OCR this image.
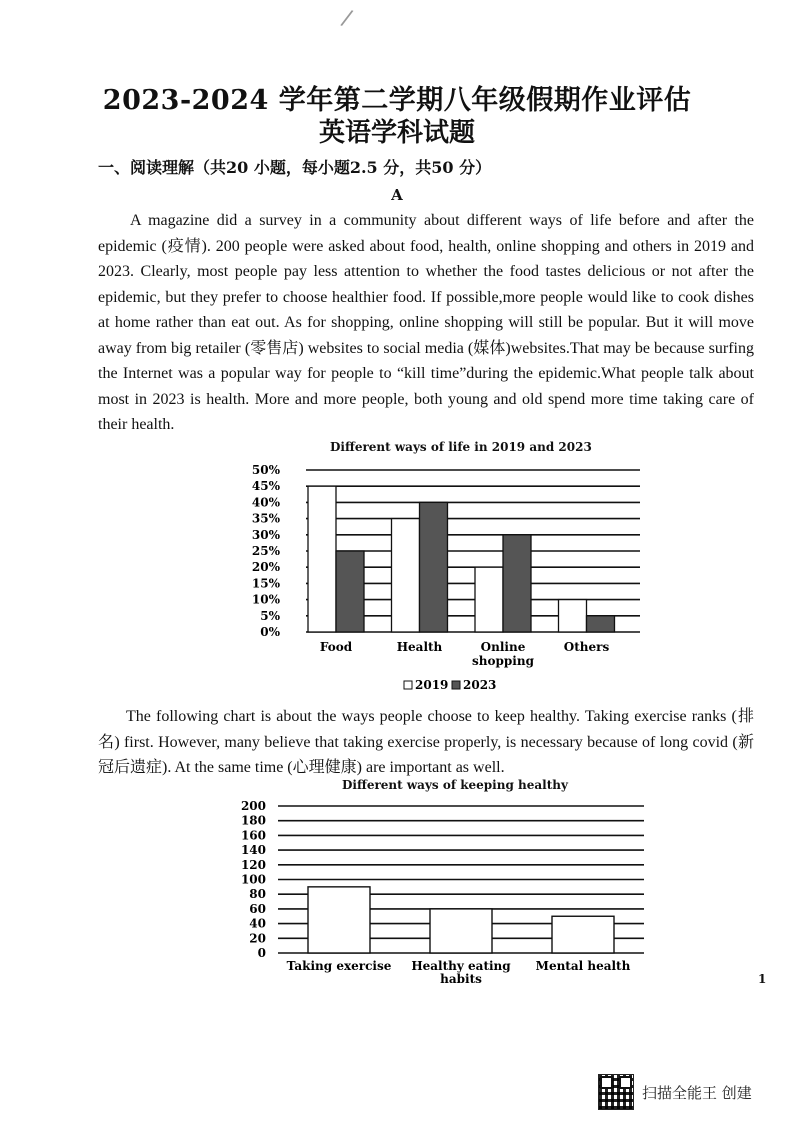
/
2023-2024 学年第二学期八年级假期作业评估
英语学科试题
一、阅读理解（共20 小题，每小题2.5 分，共50 分）
A
A magazine did a survey in a community about different ways of life before and after the epidemic (疫情). 200 people were asked about food, health, online shopping and others in 2019 and 2023. Clearly, most people pay less attention to whether the food tastes delicious or not after the epidemic, but they prefer to choose healthier food. If possible,more people would like to cook dishes at home rather than eat out. As for shopping, online shopping will still be popular. But it will move away from big retailer (零售店) websites to social media (媒体)websites.That may be because surfing the Internet was a popular way for people to “kill time”during the epidemic.What people talk about most in 2023 is health. More and more people, both young and old spend more time taking care of their health.
Different ways of life in 2019 and 2023
The following chart is about the ways people choose to keep healthy. Taking exercise ranks (排名) first. However, many believe that taking exercise properly, is necessary because of long covid (新冠后遗症). At the same time (心理健康) are important as well.
Different ways of keeping healthy
0%
5%
10%
15%
20%
25%
30%
35%
40%
45%
50%
Food	Health	Online
shopping
Others
2019 2023
0
20
40
60
80
100
120
140
160
180
200
Taking exercise Healthy eating
habits
Mental health
1
扫描全能王 创建
